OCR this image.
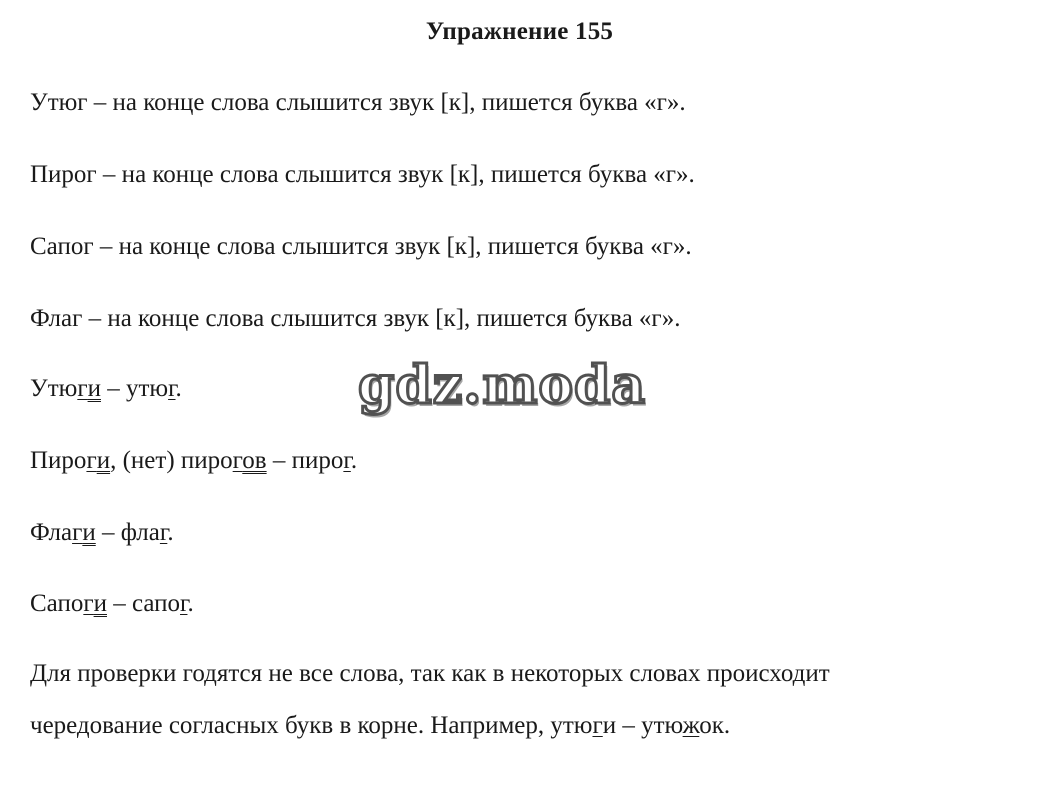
Упражнение 155
Утюг – на конце слова слышится звук [к], пишется буква «г».
Пирог – на конце слова слышится звук [к], пишется буква «г».
Сапог – на конце слова слышится звук [к], пишется буква «г».
Флаг – на конце слова слышится звук [к], пишется буква «г».
Утюги – утюг.
Пироги, (нет) пирогов – пирог.
Флаги – флаг.
Сапоги – сапог.
Для проверки годятся не все слова, так как в некоторых словах происходит
чередование согласных букв в корне. Например, утюги – утюжок.
gdz.moda
